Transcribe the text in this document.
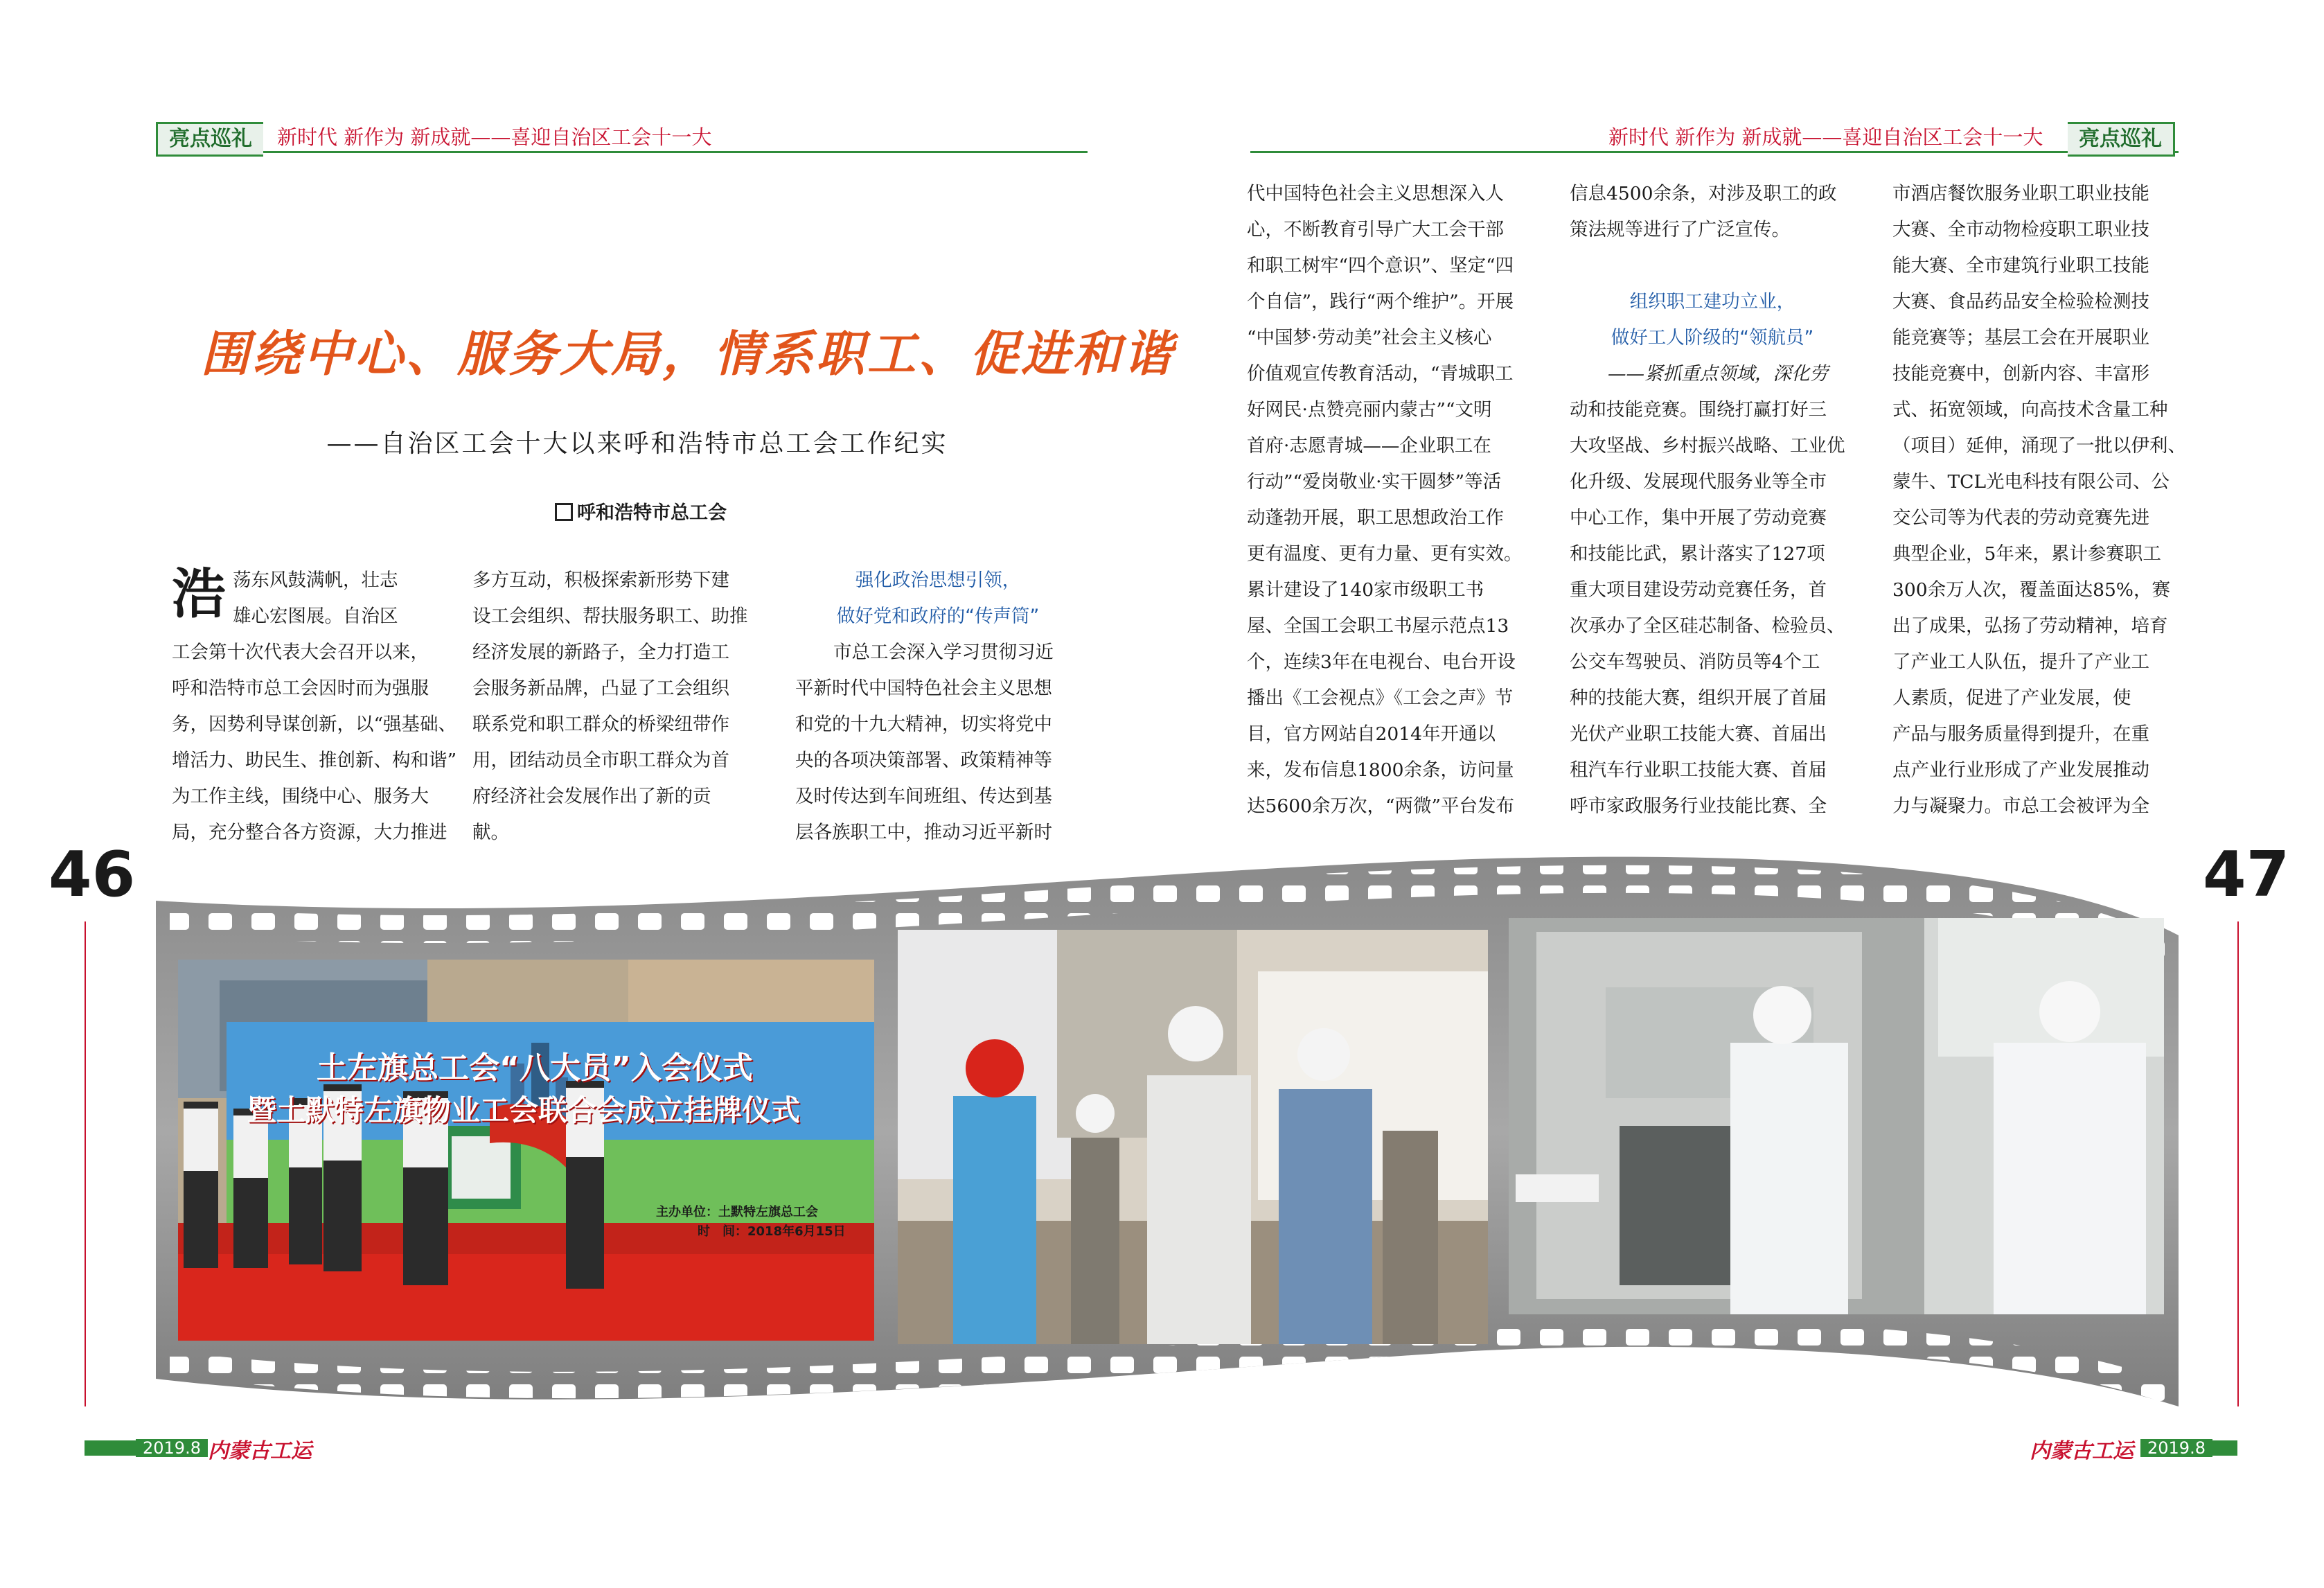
亮点巡礼	新时代 新作为 新成就——喜迎自治区工会十一大	新时代 新作为 新成就——喜迎自治区工会十一大	亮点巡礼
围绕中心、服务大局，情系职工、促进和谐
——自治区工会十大以来呼和浩特市总工会工作纪实
呼和浩特市总工会
浩 荡东风鼓满帆，壮志

雄心宏图展。自治区

工会第十次代表大会召开以来，

呼和浩特市总工会因时而为强服

务，因势利导谋创新，以“强基础、

增活力、助民生、推创新、构和谐”

为工作主线，围绕中心、服务大

局，充分整合各方资源，大力推进

多方互动，积极探索新形势下建

设工会组织、帮扶服务职工、助推

经济发展的新路子，全力打造工

会服务新品牌，凸显了工会组织

联系党和职工群众的桥梁纽带作

用，团结动员全市职工群众为首

府经济社会发展作出了新的贡

献。

强化政治思想引领，

做好党和政府的“传声筒”

市总工会深入学习贯彻习近

平新时代中国特色社会主义思想

和党的十九大精神，切实将党中

央的各项决策部署、政策精神等

及时传达到车间班组、传达到基

层各族职工中，推动习近平新时

代中国特色社会主义思想深入人

心，不断教育引导广大工会干部

和职工树牢“四个意识”、坚定“四

个自信”，践行“两个维护”。开展

“中国梦·劳动美”社会主义核心

价值观宣传教育活动，“青城职工

好网民·点赞亮丽内蒙古”“文明

首府·志愿青城——企业职工在

行动”“爱岗敬业·实干圆梦”等活

动蓬勃开展，职工思想政治工作

更有温度、更有力量、更有实效。

累计建设了140家市级职工书

屋、全国工会职工书屋示范点13

个，连续3年在电视台、电台开设

播出《工会视点》《工会之声》节

目，官方网站自2014年开通以

来，发布信息1800余条，访问量

达5600余万次，“两微”平台发布

信息4500余条，对涉及职工的政

策法规等进行了广泛宣传。

组织职工建功立业，

做好工人阶级的“领航员”

——紧抓重点领域，深化劳

动和技能竞赛。围绕打赢打好三

大攻坚战、乡村振兴战略、工业优

化升级、发展现代服务业等全市

中心工作，集中开展了劳动竞赛

和技能比武，累计落实了127项

重大项目建设劳动竞赛任务，首

次承办了全区硅芯制备、检验员、

公交车驾驶员、消防员等4个工

种的技能大赛，组织开展了首届

光伏产业职工技能大赛、首届出

租汽车行业职工技能大赛、首届

呼市家政服务行业技能比赛、全

市酒店餐饮服务业职工职业技能

大赛、全市动物检疫职工职业技

能大赛、全市建筑行业职工技能

大赛、食品药品安全检验检测技

能竞赛等；基层工会在开展职业

技能竞赛中，创新内容、丰富形

式、拓宽领域，向高技术含量工种

（项目）延伸，涌现了一批以伊利、

蒙牛、TCL光电科技有限公司、公

交公司等为代表的劳动竞赛先进

典型企业，5年来，累计参赛职工

300余万人次，覆盖面达85%，赛

出了成果，弘扬了劳动精神，培育

了产业工人队伍，提升了产业工

人素质，促进了产业发展，使

产品与服务质量得到提升，在重

点产业行业形成了产业发展推动

力与凝聚力。市总工会被评为全

46	47
土左旗总工会“八大员”入会仪式
暨土默特左旗物业工会联合会成立挂牌仪式
主办单位：土默特左旗总工会
时　间：2018年6月15日
2019.8 内蒙古工运	内蒙古工运 2019.8
